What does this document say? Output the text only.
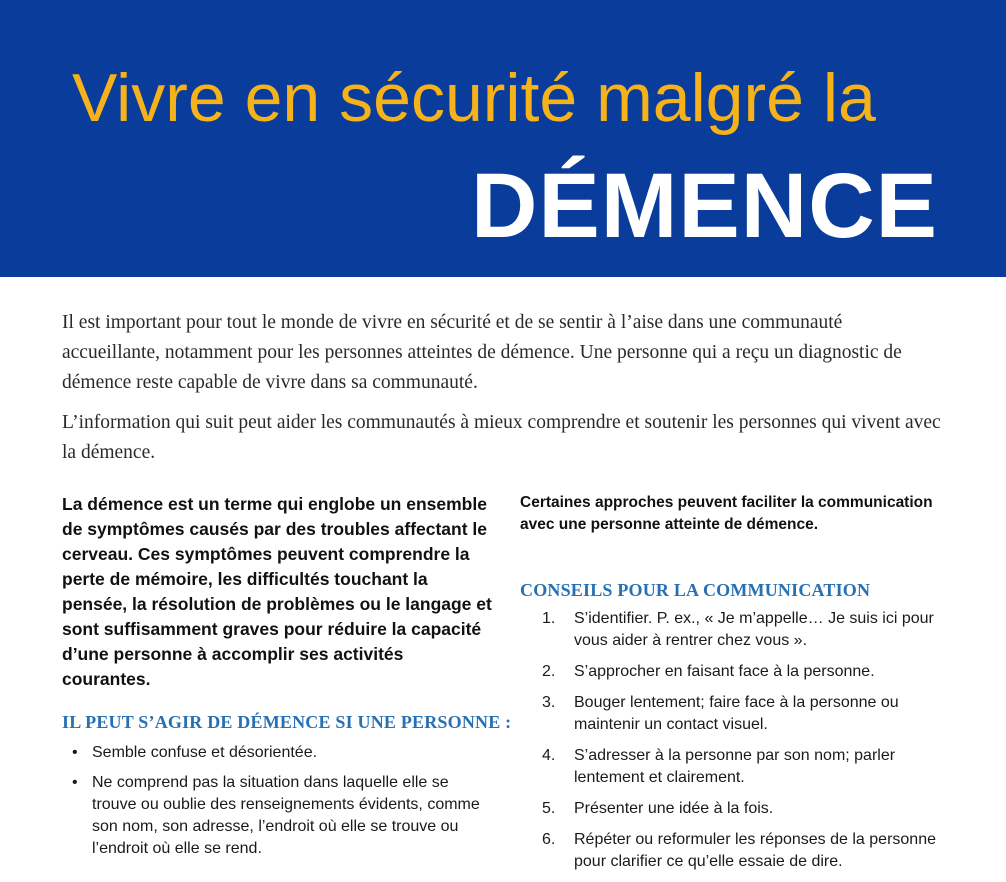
Vivre en sécurité malgré la
DÉMENCE

Il est important pour tout le monde de vivre en sécurité et de se sentir à l’aise dans une communauté accueillante, notamment pour les personnes atteintes de démence. Une personne qui a reçu un diagnostic de démence reste capable de vivre dans sa communauté.

L’information qui suit peut aider les communautés à mieux comprendre et soutenir les personnes qui vivent avec la démence.

La démence est un terme qui englobe un ensemble de symptômes causés par des troubles affectant le cerveau. Ces symptômes peuvent comprendre la perte de mémoire, les difficultés touchant la pensée, la résolution de problèmes ou le langage et sont suffisamment graves pour réduire la capacité d’une personne à accomplir ses activités courantes.

IL PEUT S’AGIR DE DÉMENCE SI UNE PERSONNE :
• Semble confuse et désorientée.
• Ne comprend pas la situation dans laquelle elle se trouve ou oublie des renseignements évidents, comme son nom, son adresse, l’endroit où elle se trouve ou l’endroit où elle se rend.

Certaines approches peuvent faciliter la communication avec une personne atteinte de démence.

CONSEILS POUR LA COMMUNICATION
1. S’identifier. P. ex., « Je m’appelle… Je suis ici pour vous aider à rentrer chez vous ».
2. S’approcher en faisant face à la personne.
3. Bouger lentement; faire face à la personne ou maintenir un contact visuel.
4. S’adresser à la personne par son nom; parler lentement et clairement.
5. Présenter une idée à la fois.
6. Répéter ou reformuler les réponses de la personne pour clarifier ce qu’elle essaie de dire.
